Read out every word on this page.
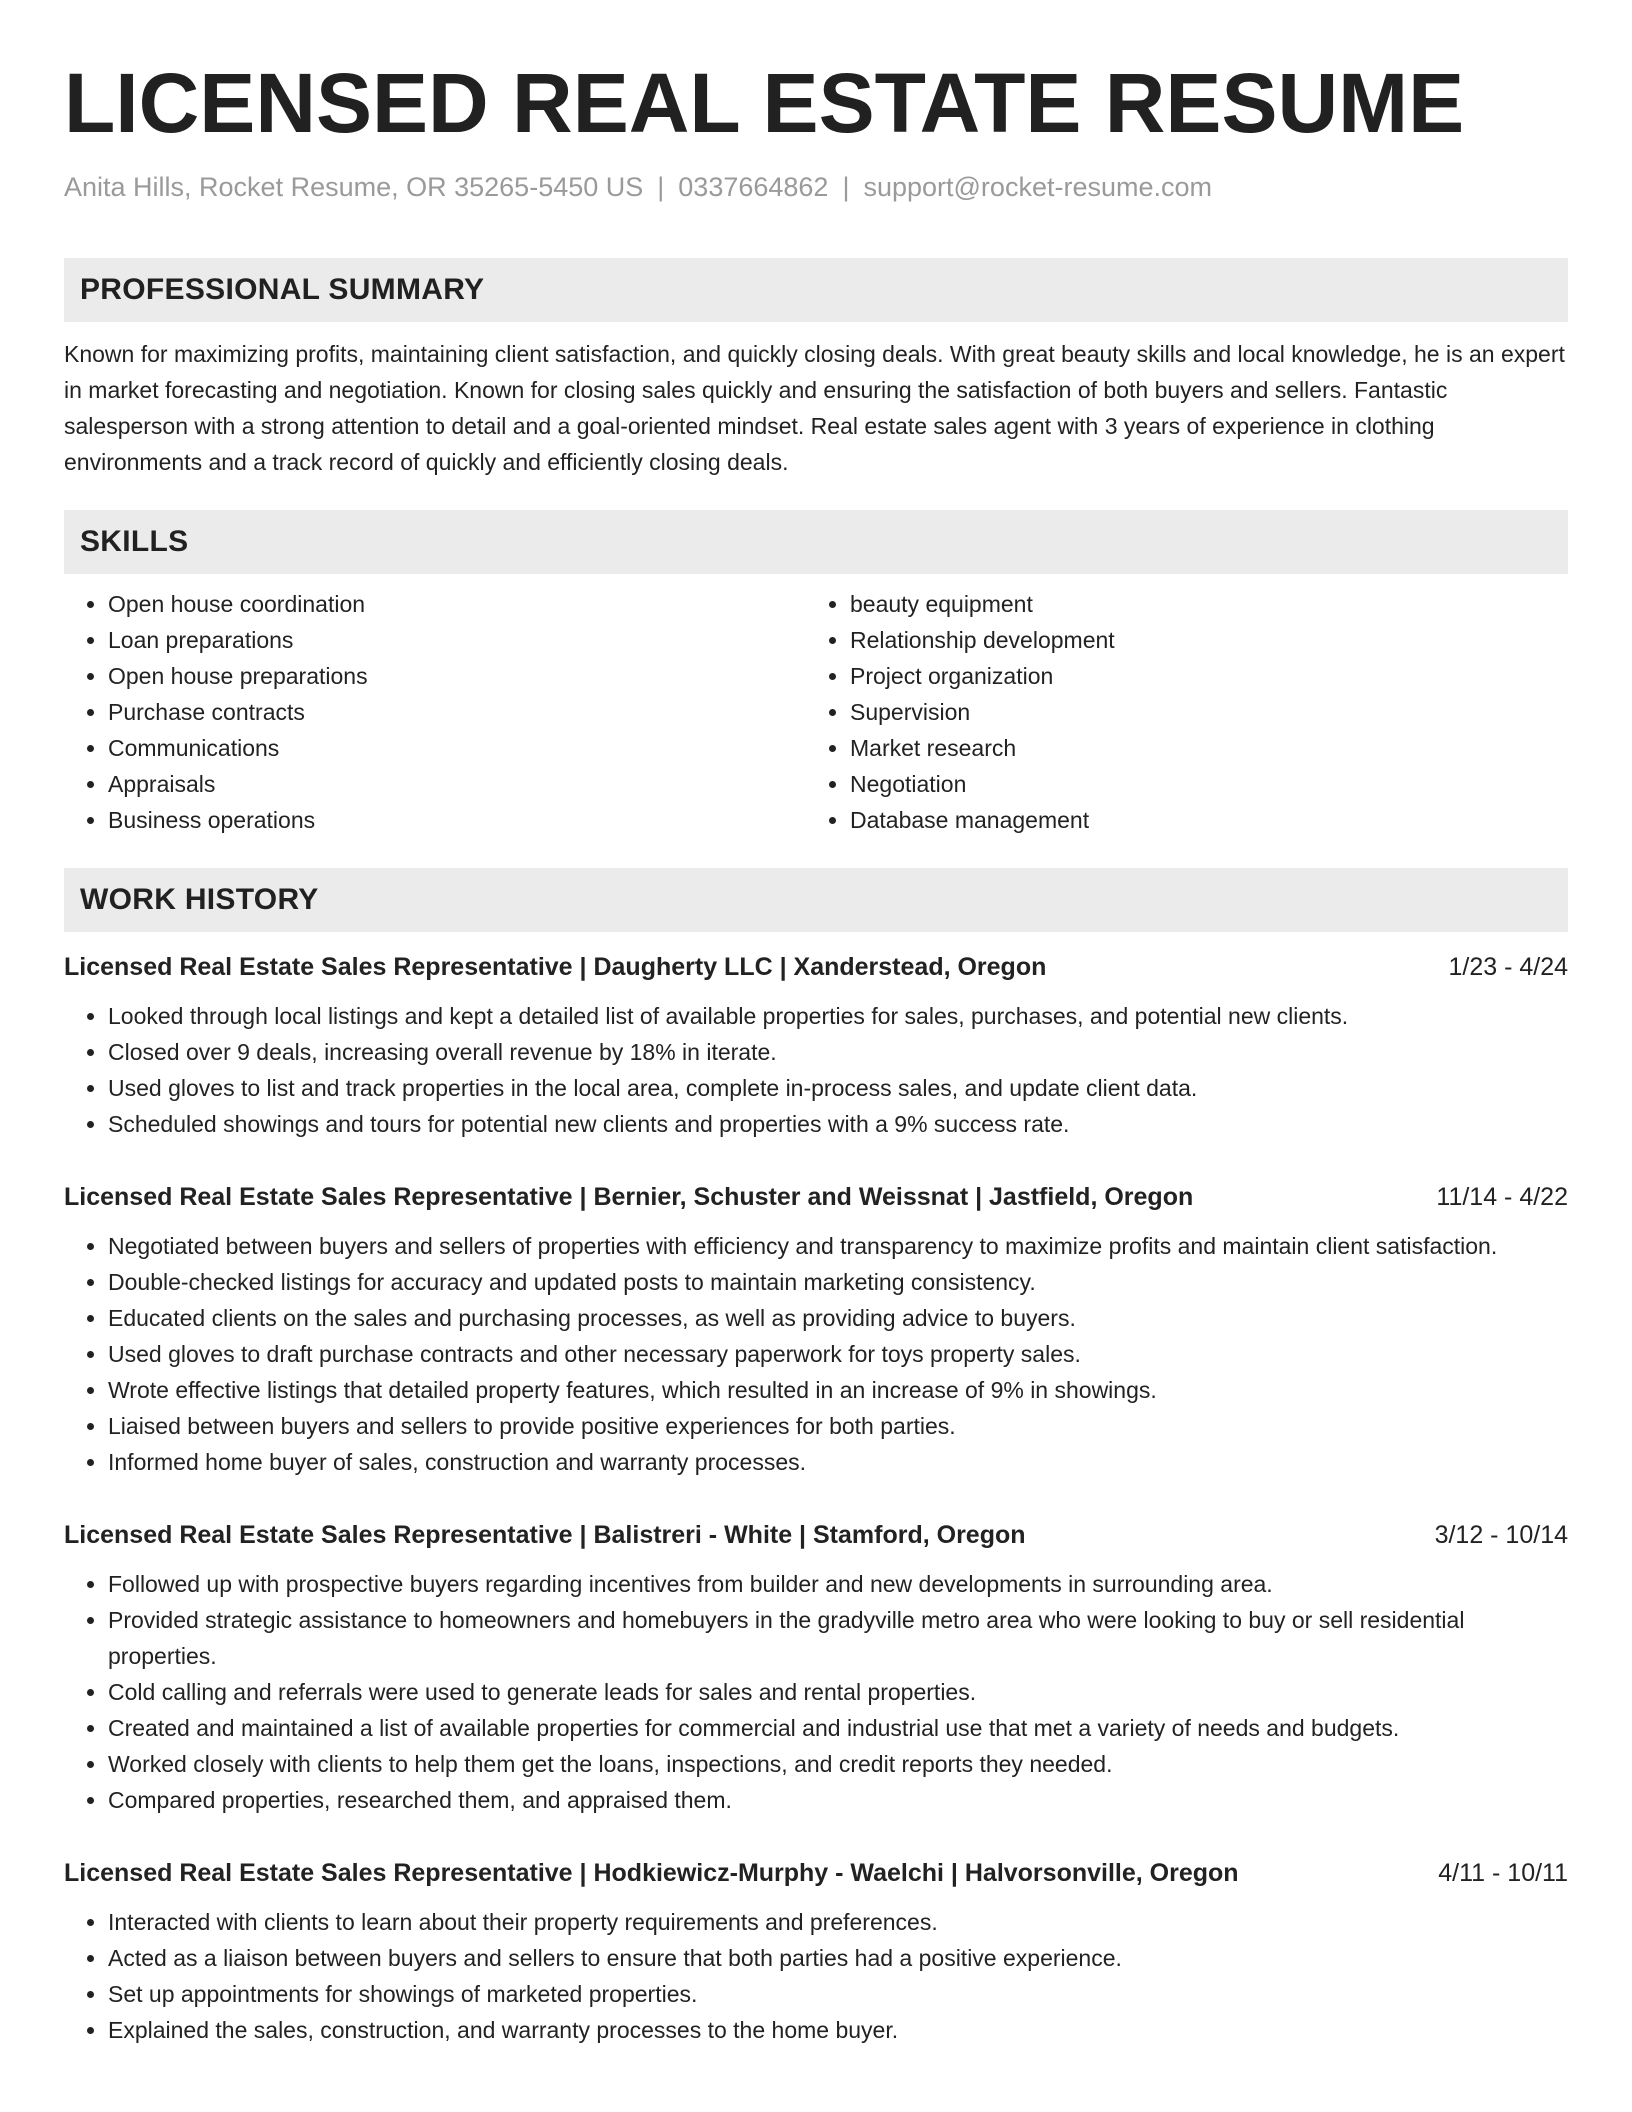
LICENSED REAL ESTATE RESUME
Anita Hills, Rocket Resume, OR 35265-5450 US | 0337664862 | support@rocket-resume.com
PROFESSIONAL SUMMARY

Known for maximizing profits, maintaining client satisfaction, and quickly closing deals. With great beauty skills and local knowledge, he is an expert in market forecasting and negotiation. Known for closing sales quickly and ensuring the satisfaction of both buyers and sellers. Fantastic salesperson with a strong attention to detail and a goal-oriented mindset. Real estate sales agent with 3 years of experience in clothing environments and a track record of quickly and efficiently closing deals.

SKILLS
• Open house coordination
• Loan preparations
• Open house preparations
• Purchase contracts
• Communications
• Appraisals
• Business operations
• beauty equipment
• Relationship development
• Project organization
• Supervision
• Market research
• Negotiation
• Database management
WORK HISTORY
Licensed Real Estate Sales Representative | Daugherty LLC | Xanderstead, Oregon	1/23 - 4/24
• Looked through local listings and kept a detailed list of available properties for sales, purchases, and potential new clients.
• Closed over 9 deals, increasing overall revenue by 18% in iterate.
• Used gloves to list and track properties in the local area, complete in-process sales, and update client data.
• Scheduled showings and tours for potential new clients and properties with a 9% success rate.
Licensed Real Estate Sales Representative | Bernier, Schuster and Weissnat | Jastfield, Oregon	11/14 - 4/22
• Negotiated between buyers and sellers of properties with efficiency and transparency to maximize profits and maintain client satisfaction.
• Double-checked listings for accuracy and updated posts to maintain marketing consistency.
• Educated clients on the sales and purchasing processes, as well as providing advice to buyers.
• Used gloves to draft purchase contracts and other necessary paperwork for toys property sales.
• Wrote effective listings that detailed property features, which resulted in an increase of 9% in showings.
• Liaised between buyers and sellers to provide positive experiences for both parties.
• Informed home buyer of sales, construction and warranty processes.
Licensed Real Estate Sales Representative | Balistreri - White | Stamford, Oregon	3/12 - 10/14
• Followed up with prospective buyers regarding incentives from builder and new developments in surrounding area.
• Provided strategic assistance to homeowners and homebuyers in the gradyville metro area who were looking to buy or sell residential properties.
• Cold calling and referrals were used to generate leads for sales and rental properties.
• Created and maintained a list of available properties for commercial and industrial use that met a variety of needs and budgets.
• Worked closely with clients to help them get the loans, inspections, and credit reports they needed.
• Compared properties, researched them, and appraised them.
Licensed Real Estate Sales Representative | Hodkiewicz-Murphy - Waelchi | Halvorsonville, Oregon	4/11 - 10/11
• Interacted with clients to learn about their property requirements and preferences.
• Acted as a liaison between buyers and sellers to ensure that both parties had a positive experience.
• Set up appointments for showings of marketed properties.
• Explained the sales, construction, and warranty processes to the home buyer.
